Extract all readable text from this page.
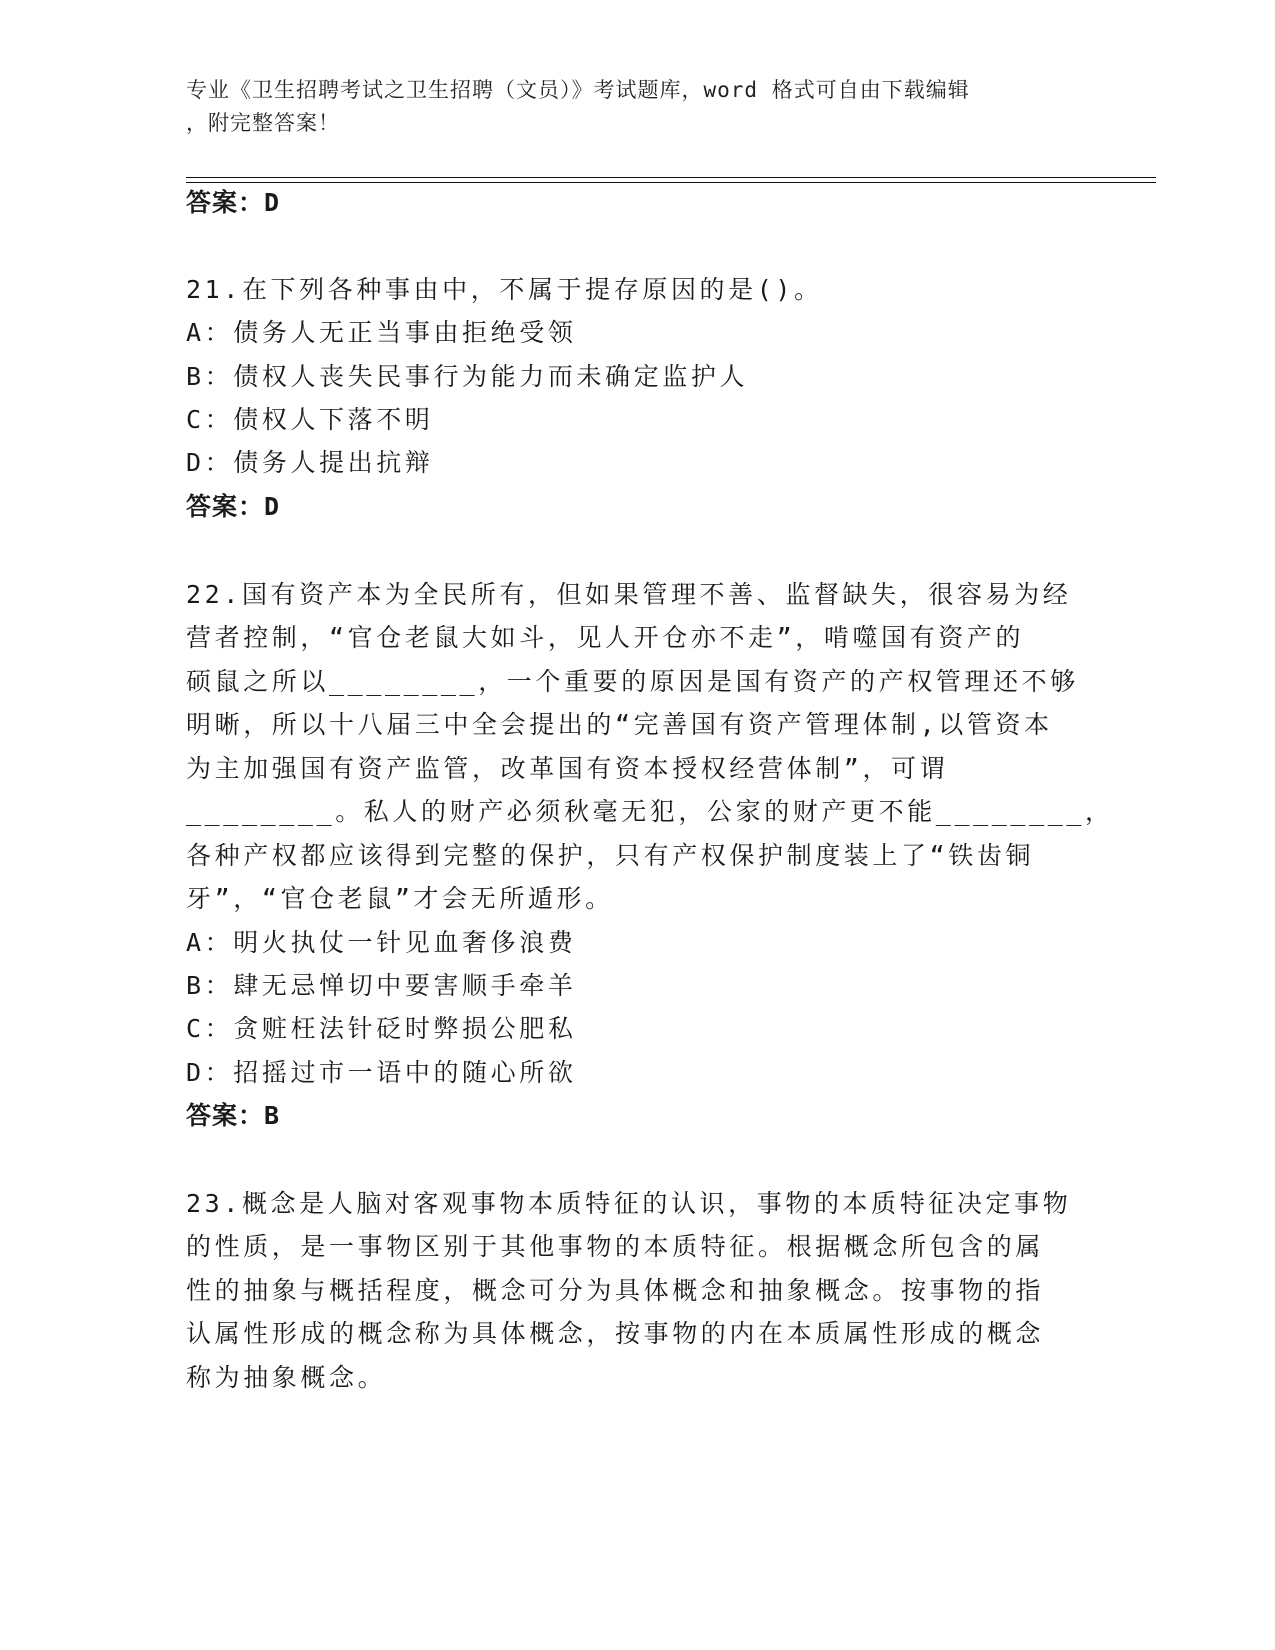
专业《卫生招聘考试之卫生招聘（文员）》考试题库，word 格式可自由下载编辑
，附完整答案！
答案：D
21.在下列各种事由中，不属于提存原因的是()。
A：债务人无正当事由拒绝受领
B：债权人丧失民事行为能力而未确定监护人
C：债权人下落不明
D：债务人提出抗辩
答案：D
22.国有资产本为全民所有，但如果管理不善、监督缺失，很容易为经
营者控制，“官仓老鼠大如斗，见人开仓亦不走”，啃噬国有资产的
硕鼠之所以________，一个重要的原因是国有资产的产权管理还不够
明晰，所以十八届三中全会提出的“完善国有资产管理体制,以管资本
为主加强国有资产监管，改革国有资本授权经营体制”，可谓
________。私人的财产必须秋毫无犯，公家的财产更不能________，
各种产权都应该得到完整的保护，只有产权保护制度装上了“铁齿铜
牙”，“官仓老鼠”才会无所遁形。
A：明火执仗一针见血奢侈浪费
B：肆无忌惮切中要害顺手牵羊
C：贪赃枉法针砭时弊损公肥私
D：招摇过市一语中的随心所欲
答案：B
23.概念是人脑对客观事物本质特征的认识，事物的本质特征决定事物
的性质，是一事物区别于其他事物的本质特征。根据概念所包含的属
性的抽象与概括程度，概念可分为具体概念和抽象概念。按事物的指
认属性形成的概念称为具体概念，按事物的内在本质属性形成的概念
称为抽象概念。
